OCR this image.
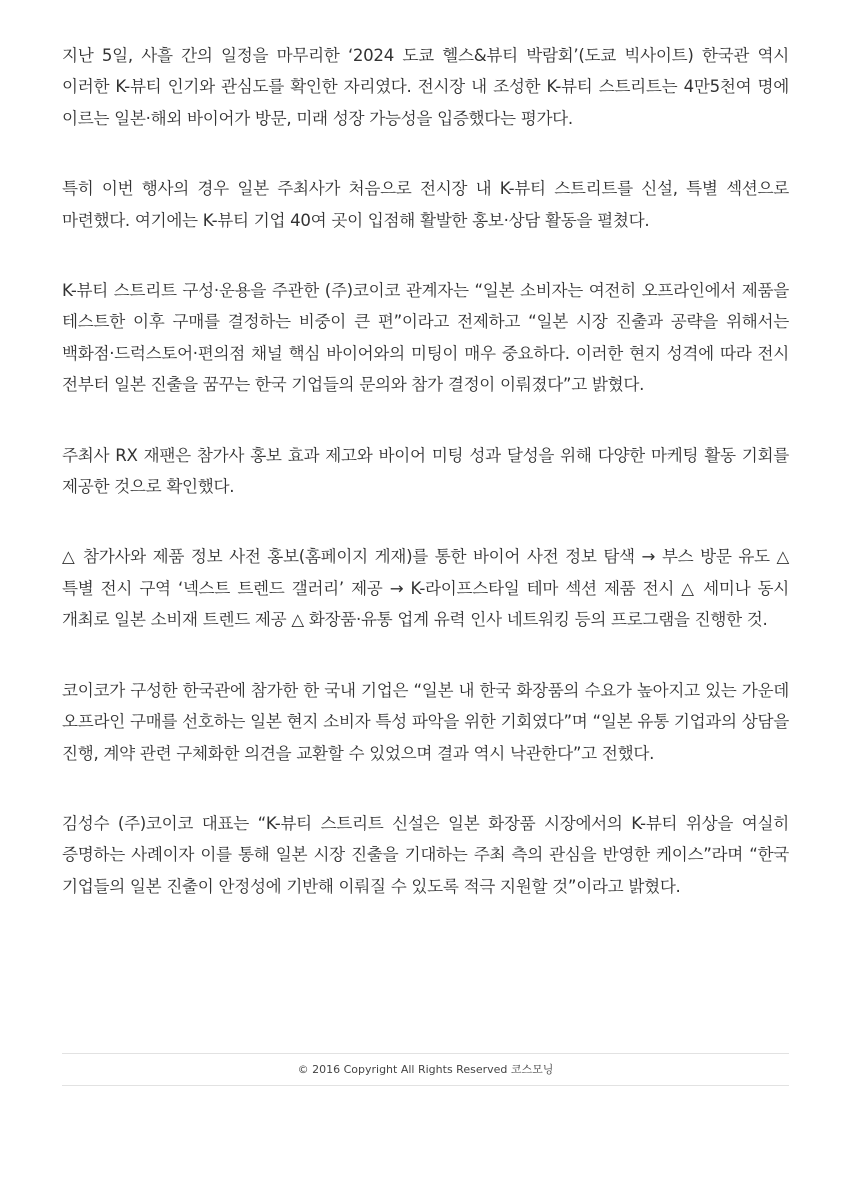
지난 5일, 사흘 간의 일정을 마무리한 ‘2024 도쿄 헬스&뷰티 박람회’(도쿄 빅사이트) 한국관 역시 이러한 K-뷰티 인기와 관심도를 확인한 자리였다. 전시장 내 조성한 K-뷰티 스트리트는 4만5천여 명에 이르는 일본·해외 바이어가 방문, 미래 성장 가능성을 입증했다는 평가다.

특히 이번 행사의 경우 일본 주최사가 처음으로 전시장 내 K-뷰티 스트리트를 신설, 특별 섹션으로 마련했다. 여기에는 K-뷰티 기업 40여 곳이 입점해 활발한 홍보·상담 활동을 펼쳤다.

K-뷰티 스트리트 구성·운용을 주관한 (주)코이코 관계자는 “일본 소비자는 여전히 오프라인에서 제품을 테스트한 이후 구매를 결정하는 비중이 큰 편”이라고 전제하고 “일본 시장 진출과 공략을 위해서는 백화점·드럭스토어·편의점 채널 핵심 바이어와의 미팅이 매우 중요하다. 이러한 현지 성격에 따라 전시 전부터 일본 진출을 꿈꾸는 한국 기업들의 문의와 참가 결정이 이뤄졌다”고 밝혔다.

주최사 RX 재팬은 참가사 홍보 효과 제고와 바이어 미팅 성과 달성을 위해 다양한 마케팅 활동 기회를 제공한 것으로 확인했다.

△ 참가사와 제품 정보 사전 홍보(홈페이지 게재)를 통한 바이어 사전 정보 탐색 → 부스 방문 유도 △ 특별 전시 구역 ‘넥스트 트렌드 갤러리’ 제공 → K-라이프스타일 테마 섹션 제품 전시 △ 세미나 동시 개최로 일본 소비재 트렌드 제공 △ 화장품·유통 업계 유력 인사 네트워킹 등의 프로그램을 진행한 것.

코이코가 구성한 한국관에 참가한 한 국내 기업은 “일본 내 한국 화장품의 수요가 높아지고 있는 가운데 오프라인 구매를 선호하는 일본 현지 소비자 특성 파악을 위한 기회였다”며 “일본 유통 기업과의 상담을 진행, 계약 관련 구체화한 의견을 교환할 수 있었으며 결과 역시 낙관한다”고 전했다.

김성수 (주)코이코 대표는 “K-뷰티 스트리트 신설은 일본 화장품 시장에서의 K-뷰티 위상을 여실히 증명하는 사례이자 이를 통해 일본 시장 진출을 기대하는 주최 측의 관심을 반영한 케이스”라며 “한국 기업들의 일본 진출이 안정성에 기반해 이뤄질 수 있도록 적극 지원할 것”이라고 밝혔다.

© 2016 Copyright All Rights Reserved 코스모닝
